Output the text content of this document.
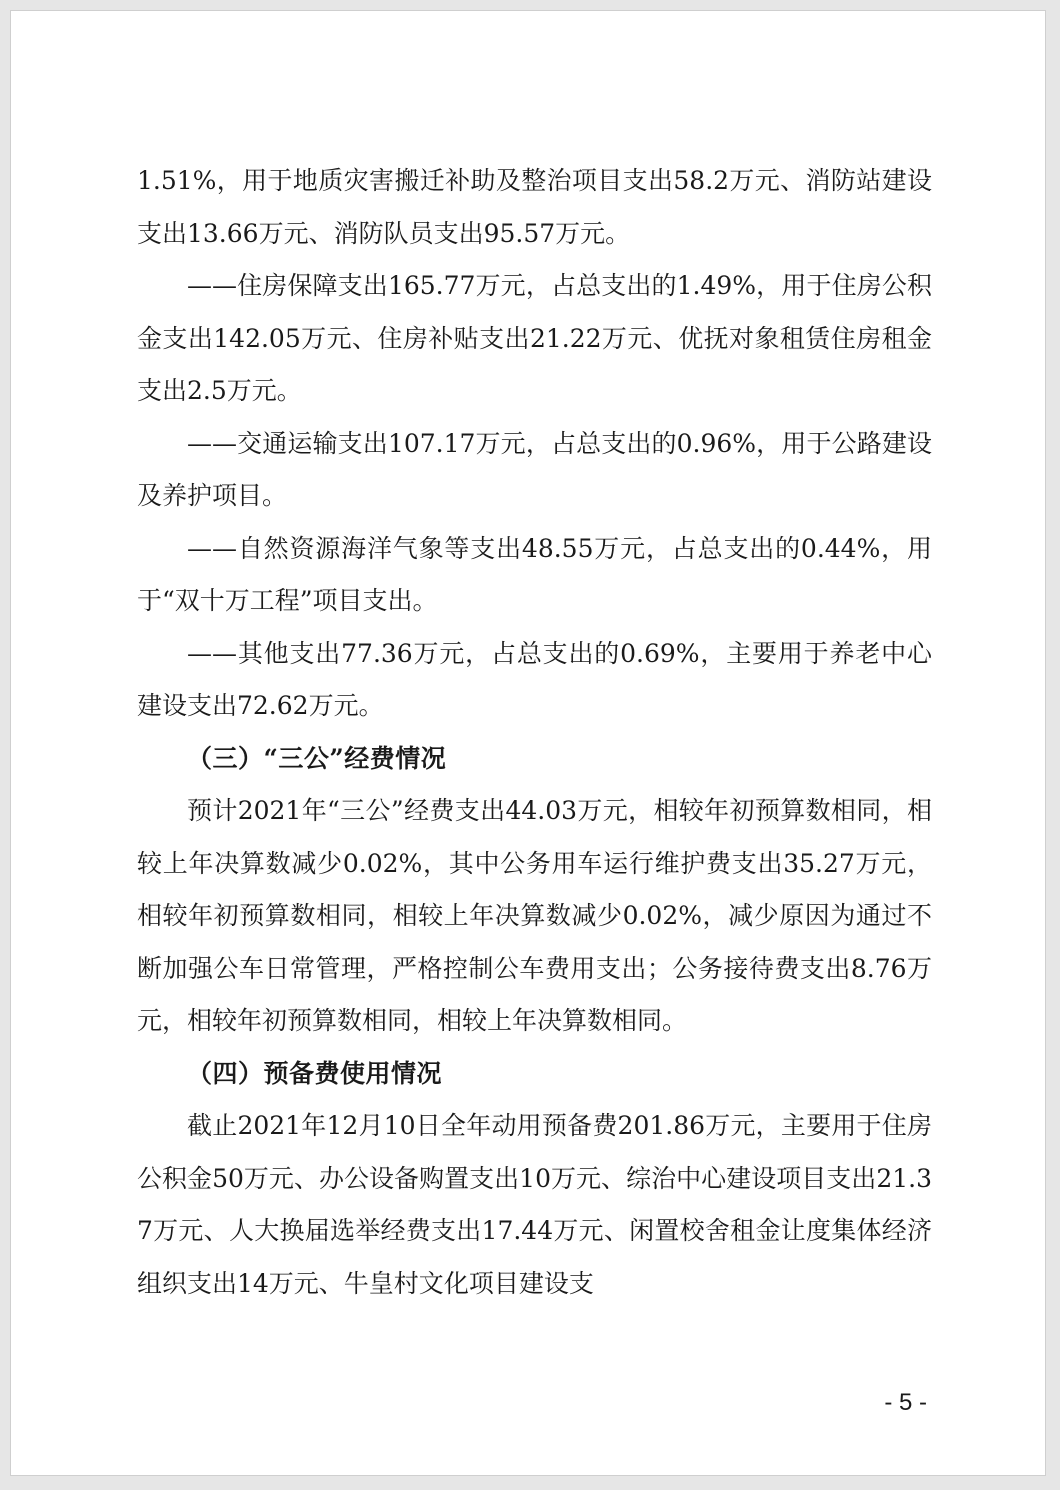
1.51%，用于地质灾害搬迁补助及整治项目支出58.2万元、消防站建设支出13.66万元、消防队员支出95.57万元。

——住房保障支出165.77万元，占总支出的1.49%，用于住房公积金支出142.05万元、住房补贴支出21.22万元、优抚对象租赁住房租金支出2.5万元。

——交通运输支出107.17万元，占总支出的0.96%，用于公路建设及养护项目。

——自然资源海洋气象等支出48.55万元，占总支出的0.44%，用于“双十万工程”项目支出。

——其他支出77.36万元，占总支出的0.69%，主要用于养老中心建设支出72.62万元。

（三）“三公”经费情况

预计2021年“三公”经费支出44.03万元，相较年初预算数相同，相较上年决算数减少0.02%，其中公务用车运行维护费支出35.27万元，相较年初预算数相同，相较上年决算数减少0.02%，减少原因为通过不断加强公车日常管理，严格控制公车费用支出；公务接待费支出8.76万元，相较年初预算数相同，相较上年决算数相同。

（四）预备费使用情况

截止2021年12月10日全年动用预备费201.86万元，主要用于住房公积金50万元、办公设备购置支出10万元、综治中心建设项目支出21.37万元、人大换届选举经费支出17.44万元、闲置校舍租金让度集体经济组织支出14万元、牛皇村文化项目建设支

- 5 -
